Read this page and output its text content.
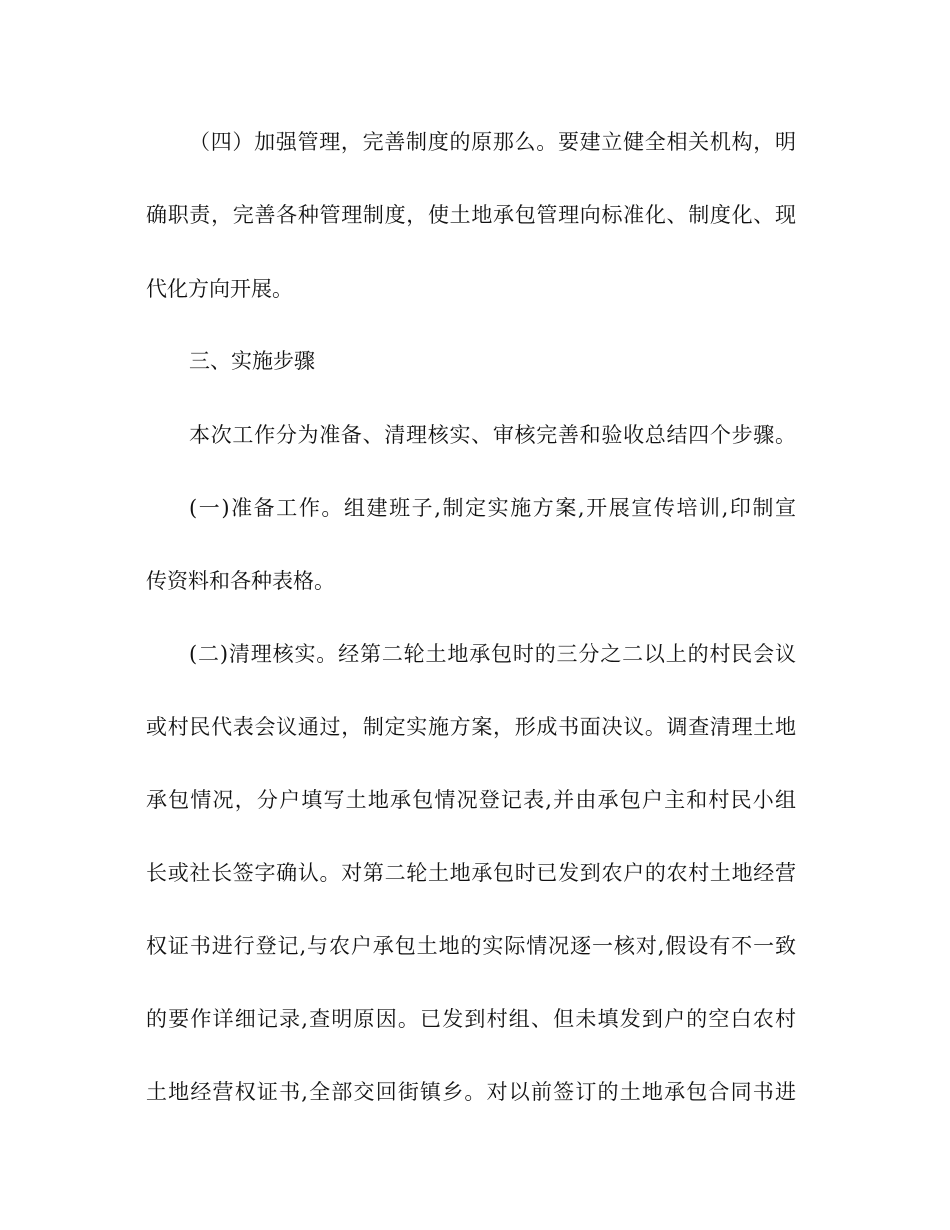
（四）加强管理，完善制度的原那么。要建立健全相关机构，明

确职责，完善各种管理制度，使土地承包管理向标准化、制度化、现

代化方向开展。

三、实施步骤

本次工作分为准备、清理核实、审核完善和验收总结四个步骤。

(一)准备工作。组建班子,制定实施方案,开展宣传培训,印制宣

传资料和各种表格。

(二)清理核实。经第二轮土地承包时的三分之二以上的村民会议

或村民代表会议通过，制定实施方案，形成书面决议。调查清理土地

承包情况，分户填写土地承包情况登记表,并由承包户主和村民小组

长或社长签字确认。对第二轮土地承包时已发到农户的农村土地经营

权证书进行登记,与农户承包土地的实际情况逐一核对,假设有不一致

的要作详细记录,查明原因。已发到村组、但未填发到户的空白农村

土地经营权证书,全部交回街镇乡。对以前签订的土地承包合同书进
